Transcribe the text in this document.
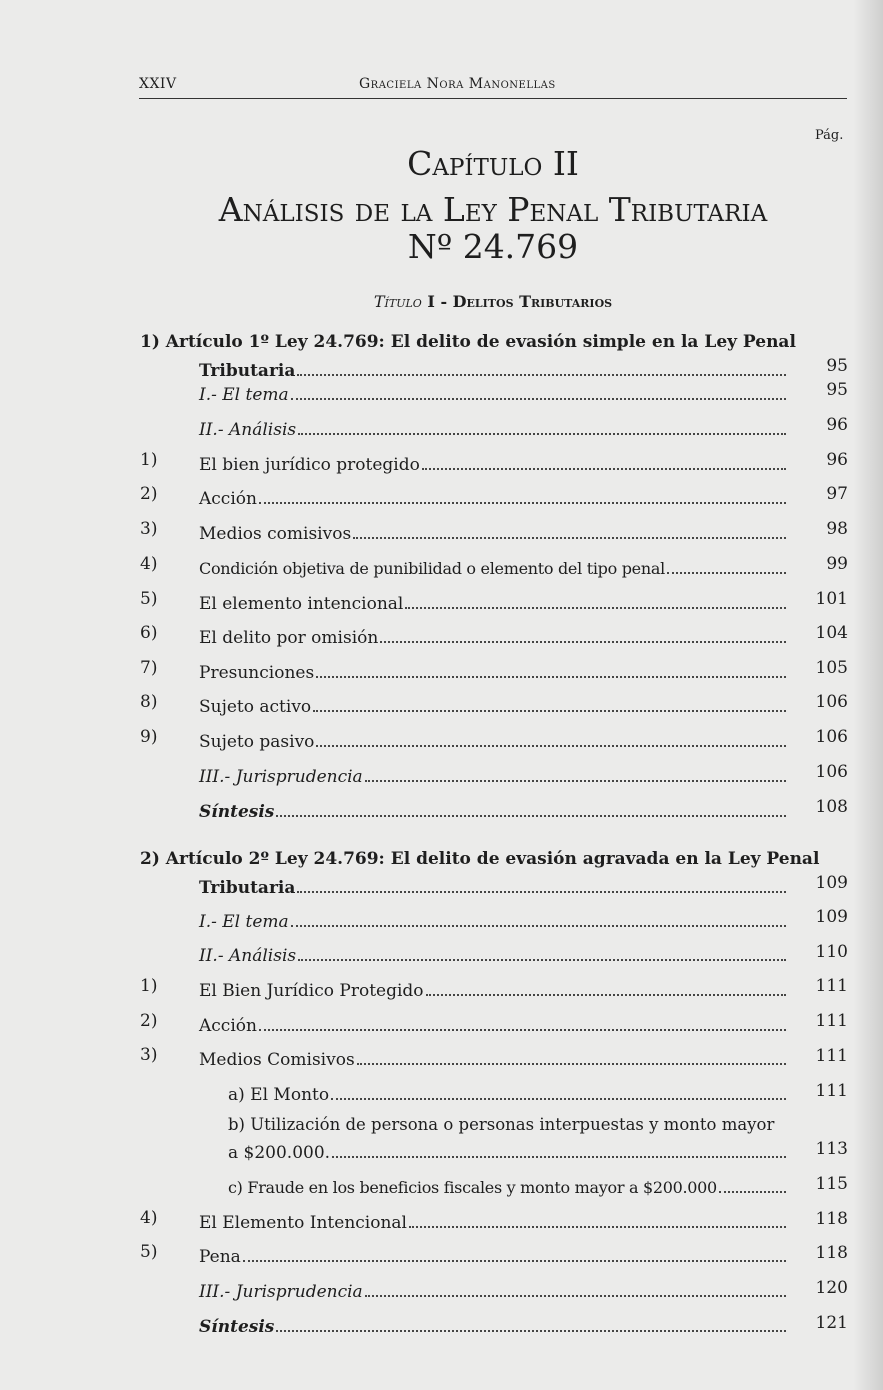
XXIV	Graciela Nora Manonellas
Pág.
Capítulo II
Análisis de la Ley Penal Tributaria
Nº 24.769
Título I - Delitos Tributarios
1) Artículo 1º Ley 24.769: El delito de evasión simple en la Ley Penal
Tributaria	95
I.- El tema	95
II.- Análisis	96
1) El bien jurídico protegido	96
2) Acción	97
3) Medios comisivos	98
4)	Condición objetiva de punibilidad o elemento del tipo penal	99
5) El elemento intencional	101
6) El delito por omisión	104
7) Presunciones	105
8) Sujeto activo	106
9) Sujeto pasivo	106
III.- Jurisprudencia	106
Síntesis	108
2) Artículo 2º Ley 24.769: El delito de evasión agravada en la Ley Penal
Tributaria	109
I.- El tema	109
II.- Análisis	110
1) El Bien Jurídico Protegido	111
2) Acción	111
3) Medios Comisivos	111
a) El Monto	111
b) Utilización de persona o personas interpuestas y monto mayor
a $200.000.	113
c) Fraude en los beneficios fiscales y monto mayor a $200.000	115
4) El Elemento Intencional	118
5) Pena	118
III.- Jurisprudencia	120
Síntesis	121
